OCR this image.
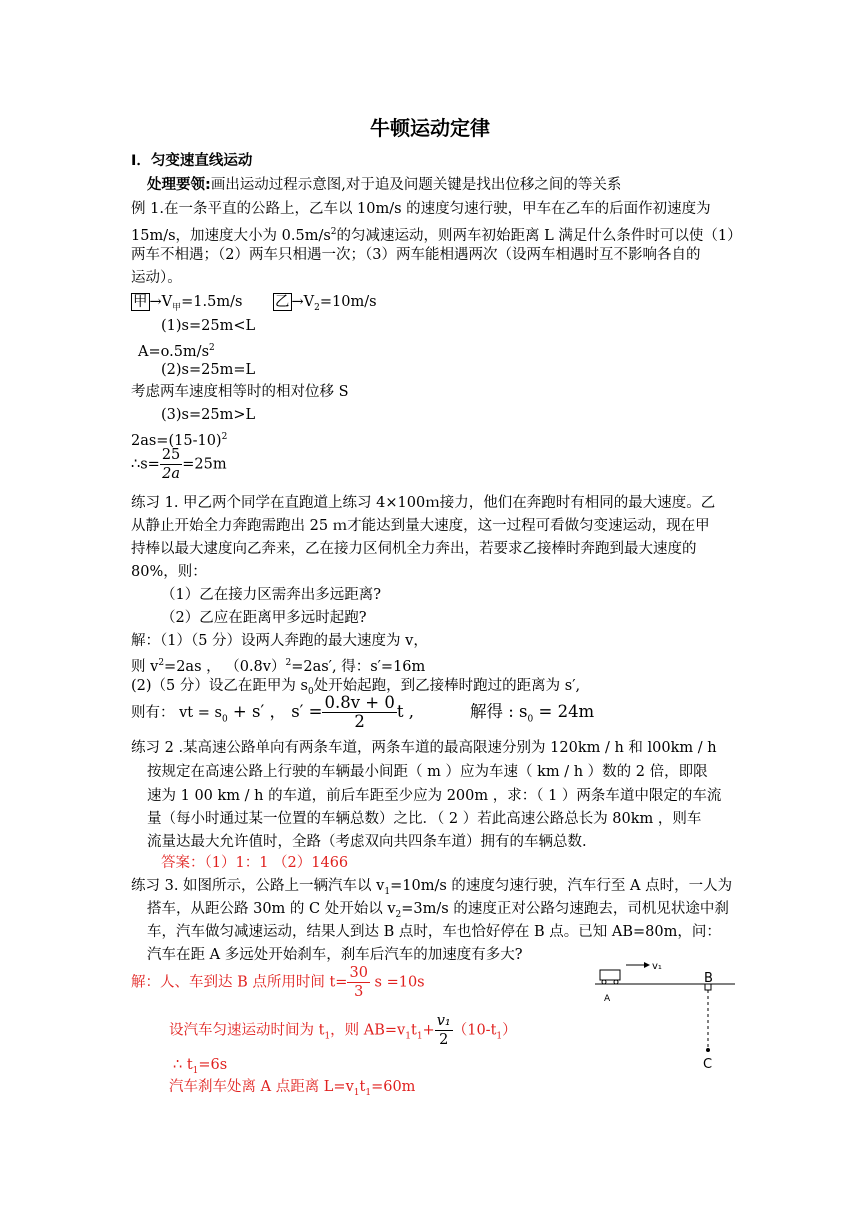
牛顿运动定律
I．匀变速直线运动
处理要领:画出运动过程示意图,对于追及问题关键是找出位移之间的等关系
例 1.在一条平直的公路上，乙车以 10m/s 的速度匀速行驶，甲车在乙车的后面作初速度为
15m/s，加速度大小为 $0.5m/s^2$的匀减速运动，则两车初始距离 L 满足什么条件时可以使（1）
两车不相遇；（2）两车只相遇一次；（3）两车能相遇两次（设两车相遇时互不影响各自的
运动）。
甲 $\to V_甲=1.5m/s$ 乙 $\to V_2=10m/s$
(1)s=25m<L
$A=o.5m/s^2$
(2)s=25m=L
考虑两车速度相等时的相对位移 S
(3)s=25m>L
$2as=(15-10)^2$
∴s= $\frac{25}{2a} =25m$
练习 1. 甲乙两个同学在直跑道上练习 4×100ｍ接力，他们在奔跑时有相同的最大速度。乙
从静止开始全力奔跑需跑出 25 ｍ才能达到量大速度，这一过程可看做匀变速运动，现在甲
持棒以最大逮度向乙奔来，乙在接力区伺机全力奔出，若要求乙接棒时奔跑到最大速度的
80%，则：
（1）乙在接力区需奔出多远距离?
（2）乙应在距离甲多远时起跑?
解：（1）（5 分）设两人奔跑的最大速度为 v，
则 $v^2=2as$ ， $(0.8v)^2=2as'$, 得：s′=16m
(2)（5 分）设乙在距甲为 $s_0$处开始起跑，到乙接棒时跑过的距离为 s′,
则有： vt = $s_0 + s'$ ， $s' = \frac{0.8v + 0}{2}$ t ,	解得 : $s_0 = 24m$
练习 2 .某高速公路单向有两条车道，两条车道的最高限速分别为 120km / h 和 l00km / h
按规定在高速公路上行驶的车辆最小间距（ m ）应为车速（ km / h ）数的 2 倍，即限
速为 1 00 km / h 的车道，前后车距至少应为 200m ，求：（ 1 ）两条车道中限定的车流
量（每小时通过某一位置的车辆总数）之比．（ 2 ）若此高速公路总长为 80km ，则车
流量达最大允许值时，全路（考虑双向共四条车道）拥有的车辆总数.
答案：（1）1：1 （2）1466
练习 3. 如图所示，公路上一辆汽车以 $v_1=10m/s$ 的速度匀速行驶，汽车行至 A 点时，一人为
搭车，从距公路 30m 的 C 处开始以 $v_2=3m/s$ 的速度正对公路匀速跑去，司机见状途中刹
车，汽车做匀减速运动，结果人到达 B 点时，车也恰好停在 B 点。已知 AB=80m，问：
汽车在距 A 多远处开始刹车，刹车后汽车的加速度有多大?
解：人、车到达 B 点所用时间 $t= \frac{30}{3}$ s =10s
设汽车匀速运动时间为 $t_1$，则 $AB=v_1t_1+ \frac{\text{v₁}}{2} (10-t_1)$
∴ $t_1=6s$
汽车刹车处离 A 点距离 $L=v_1t_1=60m$
v₁
B
A
C
